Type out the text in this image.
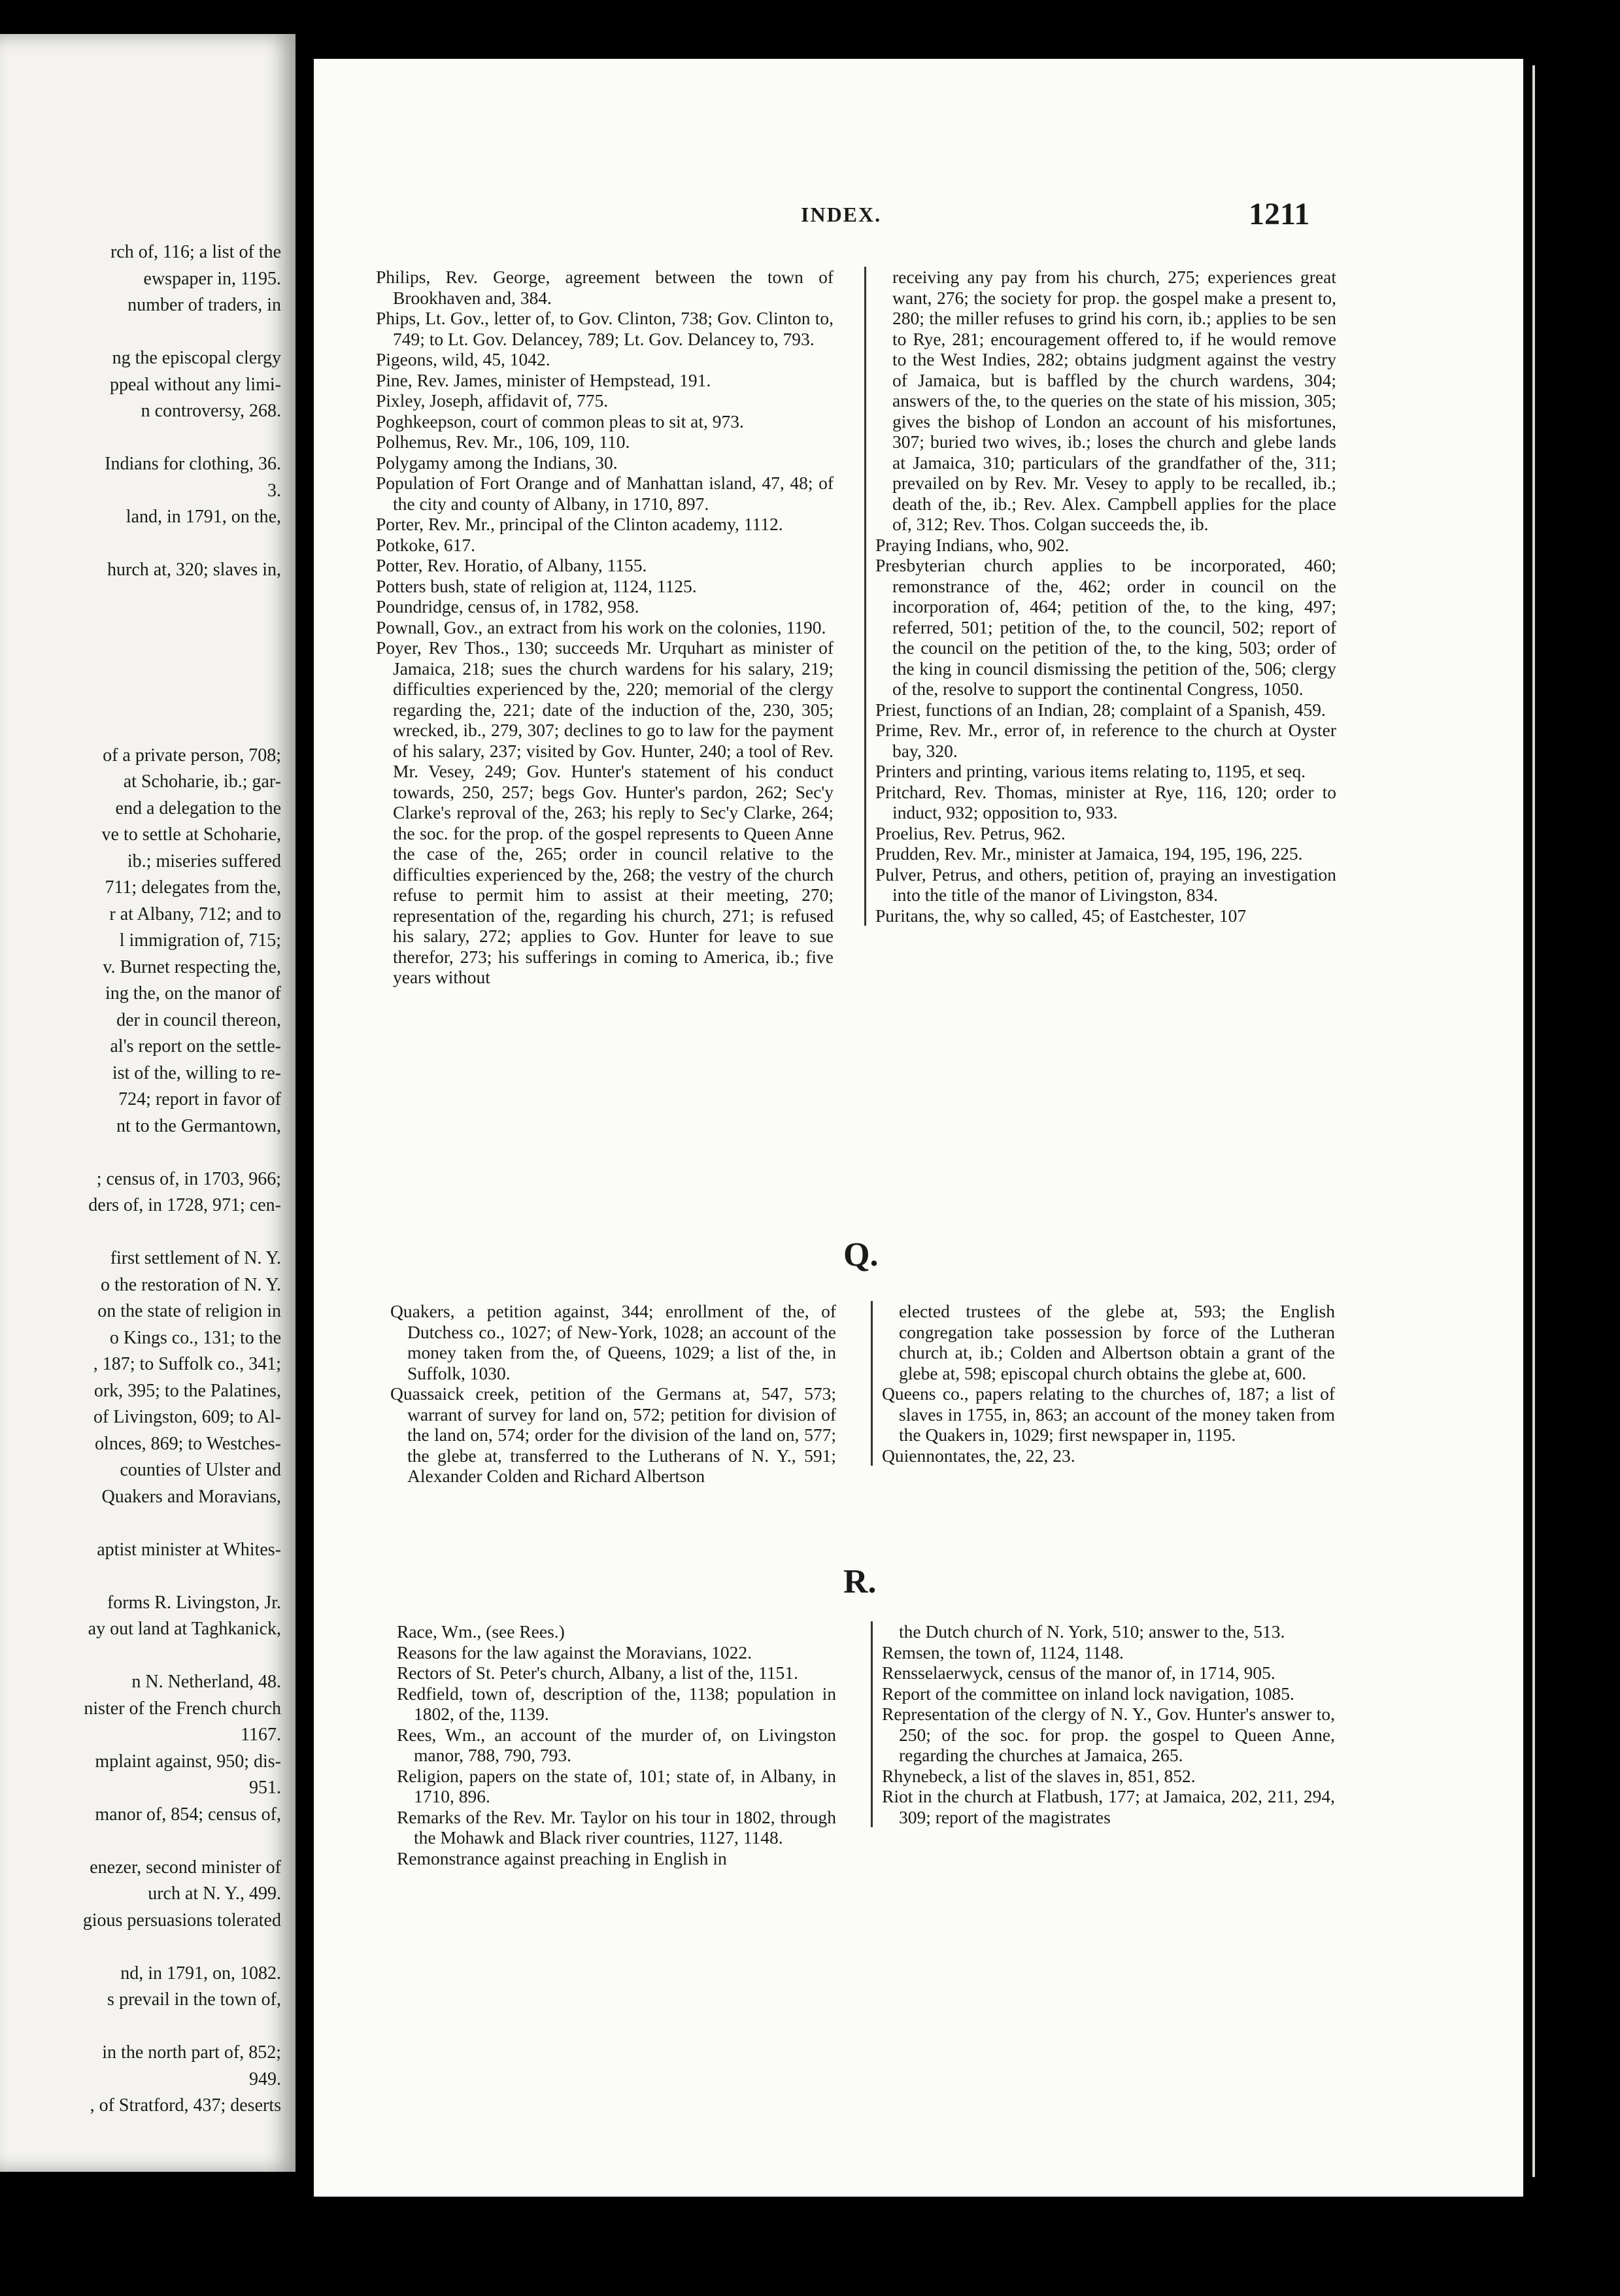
rch of, 116; a list of the
ewspaper in, 1195.
number of traders, in
ng the episcopal clergy
ppeal without any limi-
n controversy, 268.
Indians for clothing, 36.
3.
land, in 1791, on the,
hurch at, 320; slaves in,
of a private person, 708;
at Schoharie, ib.; gar-
end a delegation to the
ve to settle at Schoharie,
ib.; miseries suffered
711; delegates from the,
r at Albany, 712; and to
l immigration of, 715;
v. Burnet respecting the,
ing the, on the manor of
der in council thereon,
al's report on the settle-
ist of the, willing to re-
724; report in favor of
nt to the Germantown,
; census of, in 1703, 966;
ders of, in 1728, 971; cen-
first settlement of N. Y.
o the restoration of N. Y.
on the state of religion in
o Kings co., 131; to the
, 187; to Suffolk co., 341;
ork, 395; to the Palatines,
of Livingston, 609; to Al-
olnces, 869; to Westches-
counties of Ulster and
Quakers and Moravians,
aptist minister at Whites-
forms R. Livingston, Jr.
ay out land at Taghkanick,
n N. Netherland, 48.
nister of the French church
1167.
mplaint against, 950; dis-
951.
manor of, 854; census of,
enezer, second minister of
urch at N. Y., 499.
gious persuasions tolerated
nd, in 1791, on, 1082.
s prevail in the town of,
in the north part of, 852;
949.
, of Stratford, 437; deserts
INDEX.	1211

Philips, Rev. George, agreement between the town of Brookhaven and, 384.

Phips, Lt. Gov., letter of, to Gov. Clinton, 738; Gov. Clinton to, 749; to Lt. Gov. Delancey, 789; Lt. Gov. Delancey to, 793.

Pigeons, wild, 45, 1042.

Pine, Rev. James, minister of Hempstead, 191.

Pixley, Joseph, affidavit of, 775.

Poghkeepson, court of common pleas to sit at, 973.

Polhemus, Rev. Mr., 106, 109, 110.

Polygamy among the Indians, 30.

Population of Fort Orange and of Manhattan island, 47, 48; of the city and county of Albany, in 1710, 897.

Porter, Rev. Mr., principal of the Clinton academy, 1112.

Potkoke, 617.

Potter, Rev. Horatio, of Albany, 1155.

Potters bush, state of religion at, 1124, 1125.

Poundridge, census of, in 1782, 958.

Pownall, Gov., an extract from his work on the colonies, 1190.

Poyer, Rev Thos., 130; succeeds Mr. Urquhart as minister of Jamaica, 218; sues the church wardens for his salary, 219; difficulties experienced by the, 220; memorial of the clergy regarding the, 221; date of the induction of the, 230, 305; wrecked, ib., 279, 307; declines to go to law for the payment of his salary, 237; visited by Gov. Hunter, 240; a tool of Rev. Mr. Vesey, 249; Gov. Hunter's statement of his conduct towards, 250, 257; begs Gov. Hunter's pardon, 262; Sec'y Clarke's reproval of the, 263; his reply to Sec'y Clarke, 264; the soc. for the prop. of the gospel represents to Queen Anne the case of the, 265; order in council relative to the difficulties experienced by the, 268; the vestry of the church refuse to permit him to assist at their meeting, 270; representation of the, regarding his church, 271; is refused his salary, 272; applies to Gov. Hunter for leave to sue therefor, 273; his sufferings in coming to America, ib.; five years without

receiving any pay from his church, 275; experiences great want, 276; the society for prop. the gospel make a present to, 280; the miller refuses to grind his corn, ib.; applies to be sen to Rye, 281; encouragement offered to, if he would remove to the West Indies, 282; obtains judgment against the vestry of Jamaica, but is baffled by the church wardens, 304; answers of the, to the queries on the state of his mission, 305; gives the bishop of London an account of his misfortunes, 307; buried two wives, ib.; loses the church and glebe lands at Jamaica, 310; particulars of the grandfather of the, 311; prevailed on by Rev. Mr. Vesey to apply to be recalled, ib.; death of the, ib.; Rev. Alex. Campbell applies for the place of, 312; Rev. Thos. Colgan succeeds the, ib.

Praying Indians, who, 902.

Presbyterian church applies to be incorporated, 460; remonstrance of the, 462; order in council on the incorporation of, 464; petition of the, to the king, 497; referred, 501; petition of the, to the council, 502; report of the council on the petition of the, to the king, 503; order of the king in council dismissing the petition of the, 506; clergy of the, resolve to support the continental Congress, 1050.

Priest, functions of an Indian, 28; complaint of a Spanish, 459.

Prime, Rev. Mr., error of, in reference to the church at Oyster bay, 320.

Printers and printing, various items relating to, 1195, et seq.

Pritchard, Rev. Thomas, minister at Rye, 116, 120; order to induct, 932; opposition to, 933.

Proelius, Rev. Petrus, 962.

Prudden, Rev. Mr., minister at Jamaica, 194, 195, 196, 225.

Pulver, Petrus, and others, petition of, praying an investigation into the title of the manor of Livingston, 834.

Puritans, the, why so called, 45; of Eastchester, 107

Q.

Quakers, a petition against, 344; enrollment of the, of Dutchess co., 1027; of New-York, 1028; an account of the money taken from the, of Queens, 1029; a list of the, in Suffolk, 1030.

Quassaick creek, petition of the Germans at, 547, 573; warrant of survey for land on, 572; petition for division of the land on, 574; order for the division of the land on, 577; the glebe at, transferred to the Lutherans of N. Y., 591; Alexander Colden and Richard Albertson

elected trustees of the glebe at, 593; the English congregation take possession by force of the Lutheran church at, ib.; Colden and Albertson obtain a grant of the glebe at, 598; episcopal church obtains the glebe at, 600.

Queens co., papers relating to the churches of, 187; a list of slaves in 1755, in, 863; an account of the money taken from the Quakers in, 1029; first newspaper in, 1195.

Quiennontates, the, 22, 23.

R.

Race, Wm., (see Rees.)

Reasons for the law against the Moravians, 1022.

Rectors of St. Peter's church, Albany, a list of the, 1151.

Redfield, town of, description of the, 1138; population in 1802, of the, 1139.

Rees, Wm., an account of the murder of, on Livingston manor, 788, 790, 793.

Religion, papers on the state of, 101; state of, in Albany, in 1710, 896.

Remarks of the Rev. Mr. Taylor on his tour in 1802, through the Mohawk and Black river countries, 1127, 1148.

Remonstrance against preaching in English in

the Dutch church of N. York, 510; answer to the, 513.

Remsen, the town of, 1124, 1148.

Rensselaerwyck, census of the manor of, in 1714, 905.

Report of the committee on inland lock navigation, 1085.

Representation of the clergy of N. Y., Gov. Hunter's answer to, 250; of the soc. for prop. the gospel to Queen Anne, regarding the churches at Jamaica, 265.

Rhynebeck, a list of the slaves in, 851, 852.

Riot in the church at Flatbush, 177; at Jamaica, 202, 211, 294, 309; report of the magistrates
